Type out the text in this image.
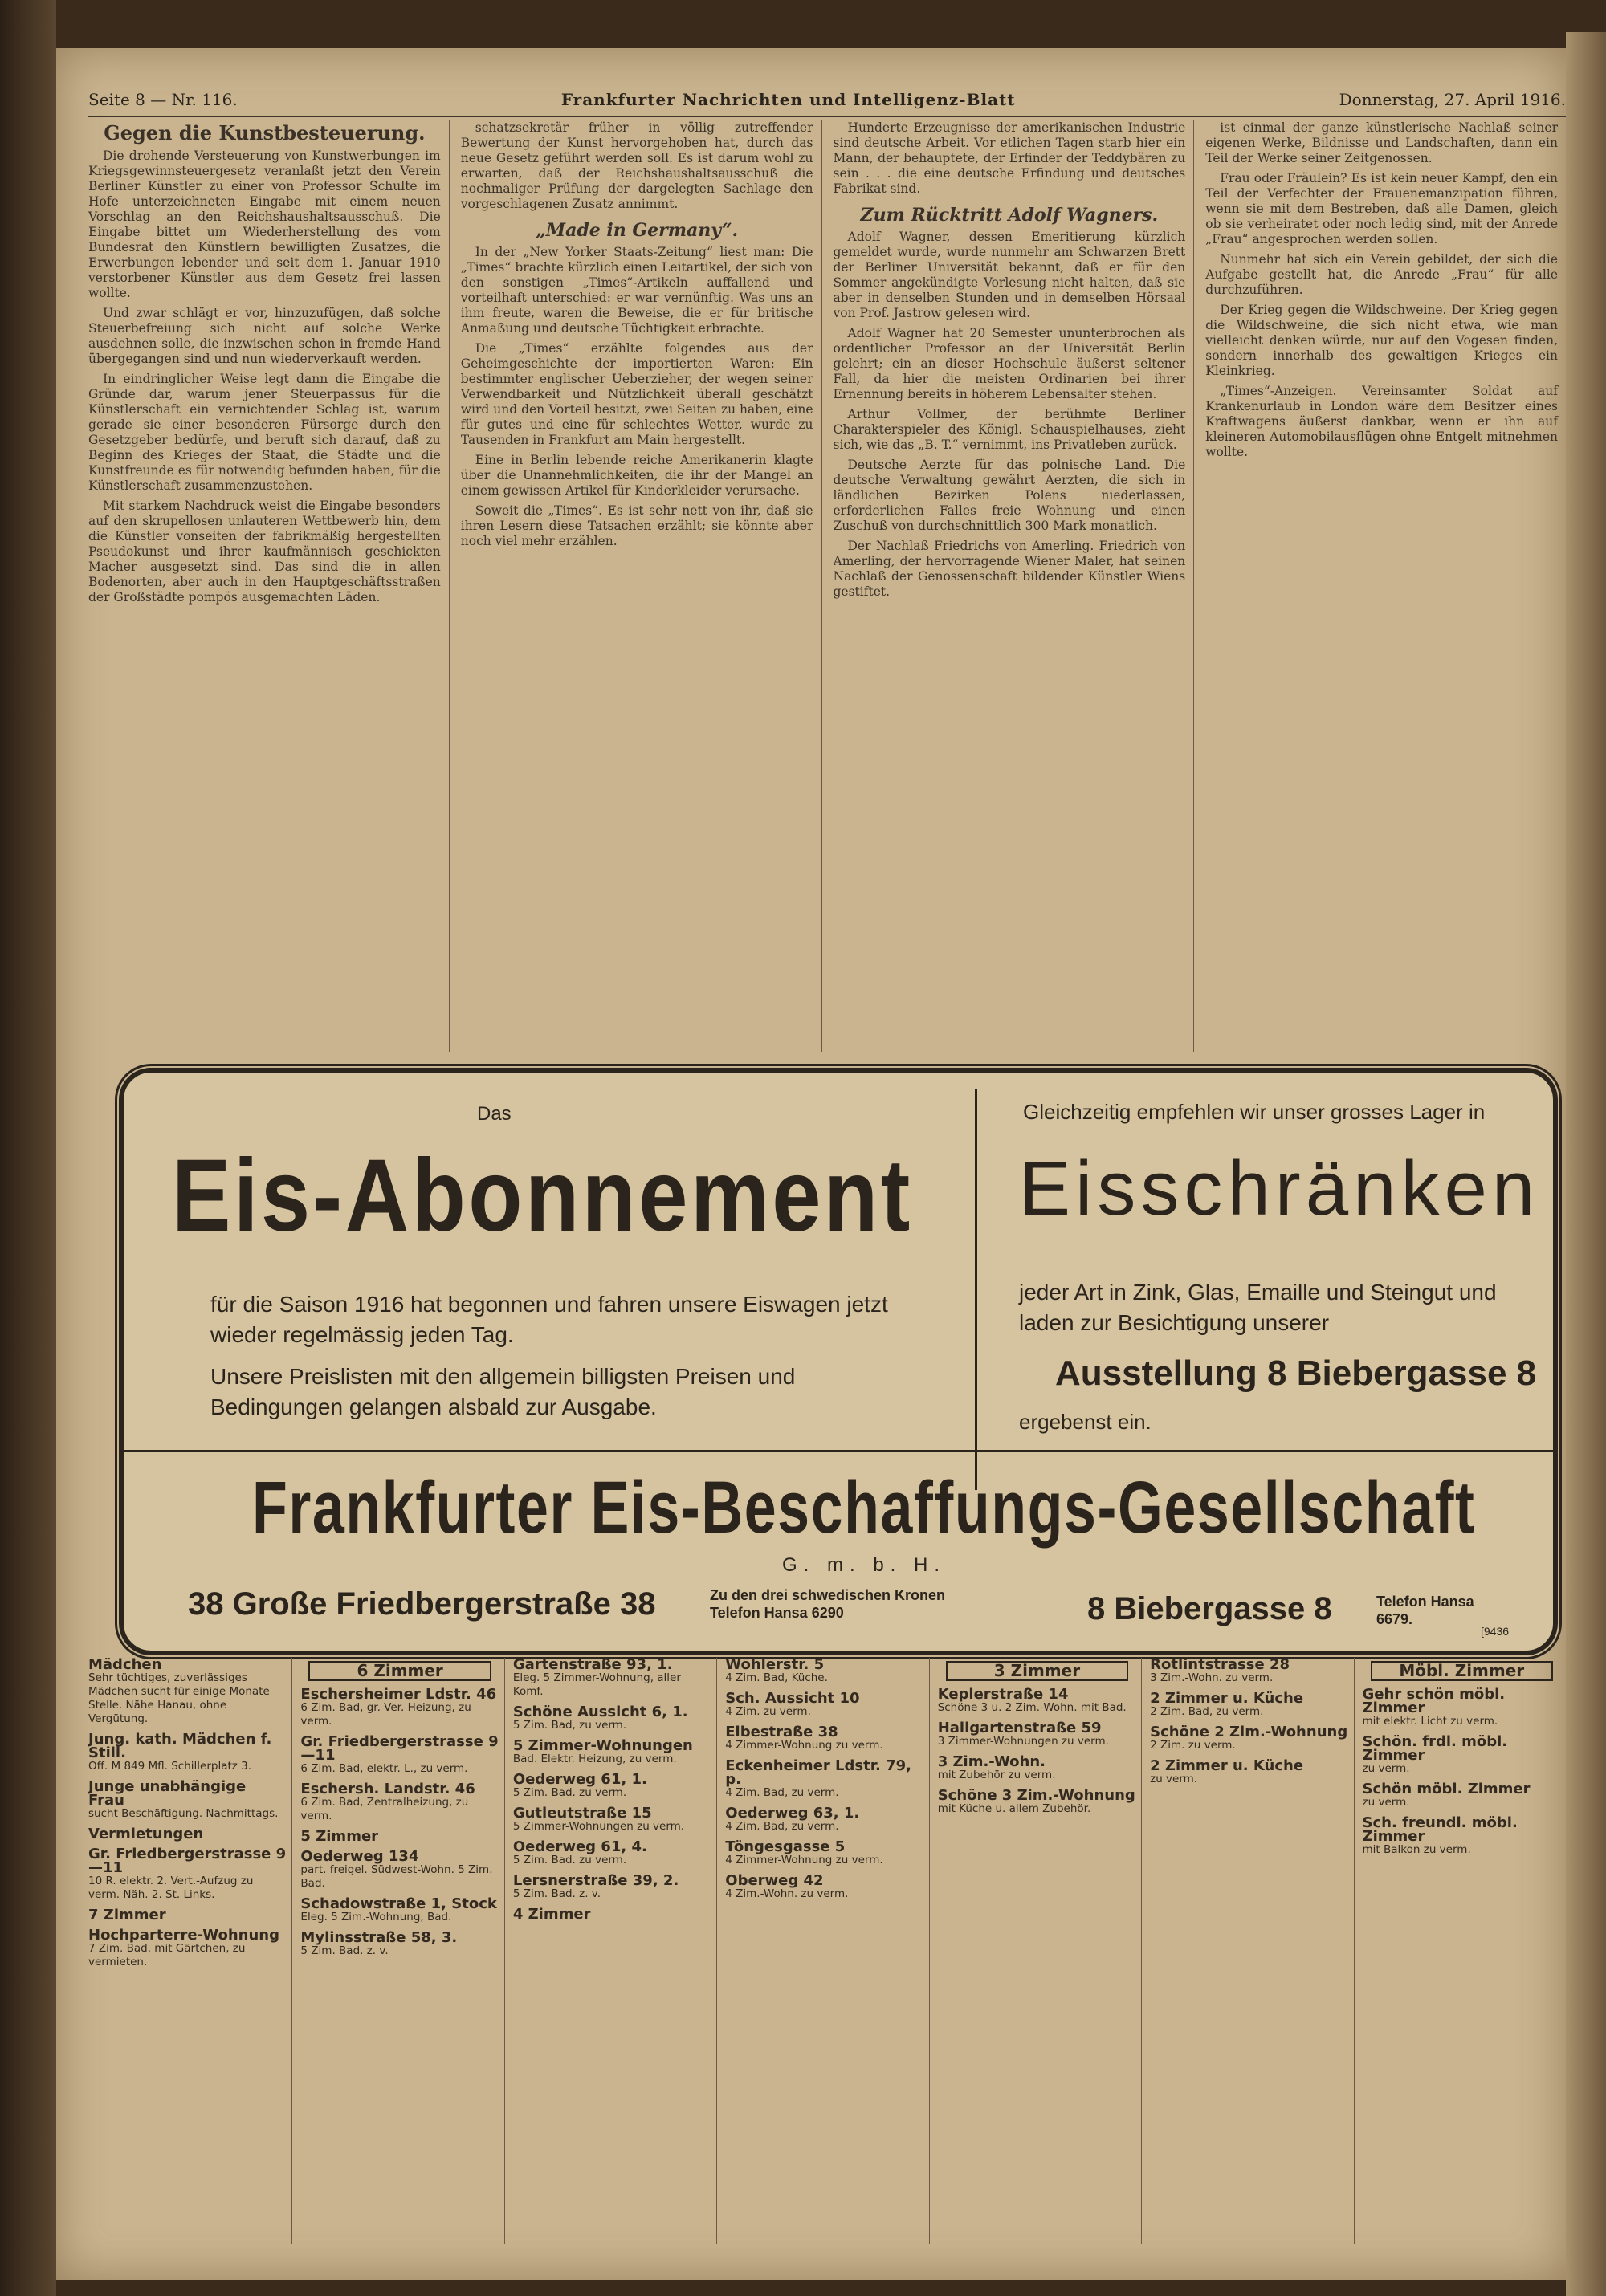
Seite 8 — Nr. 116.	Frankfurter Nachrichten und Intelligenz-Blatt	Donnerstag, 27. April 1916.
Gegen die Kunstbesteuerung.

Die drohende Versteuerung von Kunstwerbungen im Kriegsgewinnsteuergesetz veranlaßt jetzt den Verein Berliner Künstler zu einer von Professor Schulte im Hofe unterzeichneten Eingabe mit einem neuen Vorschlag an den Reichshaushaltsausschuß. Die Eingabe bittet um Wiederherstellung des vom Bundesrat den Künstlern bewilligten Zusatzes, die Erwerbungen lebender und seit dem 1. Januar 1910 verstorbener Künstler aus dem Gesetz frei lassen wollte.

Und zwar schlägt er vor, hinzuzufügen, daß solche Steuerbefreiung sich nicht auf solche Werke ausdehnen solle, die inzwischen schon in fremde Hand übergegangen sind und nun wiederverkauft werden.

In eindringlicher Weise legt dann die Eingabe die Gründe dar, warum jener Steuerpassus für die Künstlerschaft ein vernichtender Schlag ist, warum gerade sie einer besonderen Fürsorge durch den Gesetzgeber bedürfe, und beruft sich darauf, daß zu Beginn des Krieges der Staat, die Städte und die Kunstfreunde es für notwendig befunden haben, für die Künstlerschaft zusammenzustehen.

Mit starkem Nachdruck weist die Eingabe besonders auf den skrupellosen unlauteren Wettbewerb hin, dem die Künstler vonseiten der fabrikmäßig hergestellten Pseudokunst und ihrer kaufmännisch geschickten Macher ausgesetzt sind. Das sind die in allen Bodenorten, aber auch in den Hauptgeschäftsstraßen der Großstädte pompös ausgemachten Läden.

schatzsekretär früher in völlig zutreffender Bewertung der Kunst hervorgehoben hat, durch das neue Gesetz geführt werden soll. Es ist darum wohl zu erwarten, daß der Reichshaushaltsausschuß die nochmaliger Prüfung der dargelegten Sachlage den vorgeschlagenen Zusatz annimmt.

„Made in Germany“.

In der „New Yorker Staats-Zeitung“ liest man: Die „Times“ brachte kürzlich einen Leitartikel, der sich von den sonstigen „Times“-Artikeln auffallend und vorteilhaft unterschied: er war vernünftig. Was uns an ihm freute, waren die Beweise, die er für britische Anmaßung und deutsche Tüchtigkeit erbrachte.

Die „Times“ erzählte folgendes aus der Geheimgeschichte der importierten Waren: Ein bestimmter englischer Ueberzieher, der wegen seiner Verwendbarkeit und Nützlichkeit überall geschätzt wird und den Vorteil besitzt, zwei Seiten zu haben, eine für gutes und eine für schlechtes Wetter, wurde zu Tausenden in Frankfurt am Main hergestellt.

Eine in Berlin lebende reiche Amerikanerin klagte über die Unannehmlichkeiten, die ihr der Mangel an einem gewissen Artikel für Kinderkleider verursache.

Soweit die „Times“. Es ist sehr nett von ihr, daß sie ihren Lesern diese Tatsachen erzählt; sie könnte aber noch viel mehr erzählen.

Hunderte Erzeugnisse der amerikanischen Industrie sind deutsche Arbeit. Vor etlichen Tagen starb hier ein Mann, der behauptete, der Erfinder der Teddybären zu sein . . . die eine deutsche Erfindung und deutsches Fabrikat sind.

Zum Rücktritt Adolf Wagners.

Adolf Wagner, dessen Emeritierung kürzlich gemeldet wurde, wurde nunmehr am Schwarzen Brett der Berliner Universität bekannt, daß er für den Sommer angekündigte Vorlesung nicht halten, daß sie aber in denselben Stunden und in demselben Hörsaal von Prof. Jastrow gelesen wird.

Adolf Wagner hat 20 Semester ununterbrochen als ordentlicher Professor an der Universität Berlin gelehrt; ein an dieser Hochschule äußerst seltener Fall, da hier die meisten Ordinarien bei ihrer Ernennung bereits in höherem Lebensalter stehen.

Arthur Vollmer, der berühmte Berliner Charakterspieler des Königl. Schauspielhauses, zieht sich, wie das „B. T.“ vernimmt, ins Privatleben zurück.

Deutsche Aerzte für das polnische Land. Die deutsche Verwaltung gewährt Aerzten, die sich in ländlichen Bezirken Polens niederlassen, erforderlichen Falles freie Wohnung und einen Zuschuß von durchschnittlich 300 Mark monatlich.

Der Nachlaß Friedrichs von Amerling. Friedrich von Amerling, der hervorragende Wiener Maler, hat seinen Nachlaß der Genossenschaft bildender Künstler Wiens gestiftet.

ist einmal der ganze künstlerische Nachlaß seiner eigenen Werke, Bildnisse und Landschaften, dann ein Teil der Werke seiner Zeitgenossen.

Frau oder Fräulein? Es ist kein neuer Kampf, den ein Teil der Verfechter der Frauenemanzipation führen, wenn sie mit dem Bestreben, daß alle Damen, gleich ob sie verheiratet oder noch ledig sind, mit der Anrede „Frau“ angesprochen werden sollen.

Nunmehr hat sich ein Verein gebildet, der sich die Aufgabe gestellt hat, die Anrede „Frau“ für alle durchzuführen.

Der Krieg gegen die Wildschweine. Der Krieg gegen die Wildschweine, die sich nicht etwa, wie man vielleicht denken würde, nur auf den Vogesen finden, sondern innerhalb des gewaltigen Krieges ein Kleinkrieg.

„Times“-Anzeigen. Vereinsamter Soldat auf Krankenurlaub in London wäre dem Besitzer eines Kraftwagens äußerst dankbar, wenn er ihn auf kleineren Automobilausflügen ohne Entgelt mitnehmen wollte.

Das
Eis-Abonnement
für die Saison 1916 hat begonnen und fahren unsere Eiswagen jetzt wieder regelmässig jeden Tag.
Unsere Preislisten mit den allgemein billigsten Preisen und Bedingungen gelangen alsbald zur Ausgabe.
Gleichzeitig empfehlen wir unser grosses Lager in
Eisschränken
jeder Art in Zink, Glas, Emaille und Steingut und laden zur Besichtigung unserer
Ausstellung 8 Biebergasse 8
ergebenst ein.
Frankfurter Eis-Beschaffungs-Gesellschaft
G. m. b. H.
38 Große Friedbergerstraße 38	Zu den drei schwedischen Kronen Telefon Hansa 6290	8 Biebergasse 8	Telefon Hansa 6679.
[9436
Mädchen
Sehr tüchtiges, zuverlässiges Mädchen sucht für einige Monate Stelle. Nähe Hanau, ohne Vergütung.
Jung. kath. Mädchen f. Still.
Off. M 849 Mfl. Schillerplatz 3.
Junge unabhängige Frau
sucht Beschäftigung. Nachmittags.
Vermietungen
Gr. Friedbergerstrasse 9—11
10 R. elektr. 2. Vert.-Aufzug zu verm. Näh. 2. St. Links.
7 Zimmer
Hochparterre-Wohnung
7 Zim. Bad. mit Gärtchen, zu vermieten.
6 Zimmer
Eschersheimer Ldstr. 46
6 Zim. Bad, gr. Ver. Heizung, zu verm.
Gr. Friedbergerstrasse 9—11
6 Zim. Bad, elektr. L., zu verm.
Eschersh. Landstr. 46
6 Zim. Bad, Zentralheizung, zu verm.
5 Zimmer
Oederweg 134
part. freigel. Südwest-Wohn. 5 Zim. Bad.
Schadowstraße 1, Stock
Eleg. 5 Zim.-Wohnung, Bad.
Mylinsstraße 58, 3.
5 Zim. Bad. z. v.
Gartenstraße 93, 1.
Eleg. 5 Zimmer-Wohnung, aller Komf.
Schöne Aussicht 6, 1.
5 Zim. Bad, zu verm.
5 Zimmer-Wohnungen
Bad. Elektr. Heizung, zu verm.
Oederweg 61, 1.
5 Zim. Bad. zu verm.
Gutleutstraße 15
5 Zimmer-Wohnungen zu verm.
Oederweg 61, 4.
5 Zim. Bad. zu verm.
Lersnerstraße 39, 2.
5 Zim. Bad. z. v.
4 Zimmer
Wöhlerstr. 5
4 Zim. Bad, Küche.
Sch. Aussicht 10
4 Zim. zu verm.
Elbestraße 38
4 Zimmer-Wohnung zu verm.
Eckenheimer Ldstr. 79, p.
4 Zim. Bad, zu verm.
Oederweg 63, 1.
4 Zim. Bad, zu verm.
Töngesgasse 5
4 Zimmer-Wohnung zu verm.
Oberweg 42
4 Zim.-Wohn. zu verm.
3 Zimmer
Keplerstraße 14
Schöne 3 u. 2 Zim.-Wohn. mit Bad.
Hallgartenstraße 59
3 Zimmer-Wohnungen zu verm.
3 Zim.-Wohn.
mit Zubehör zu verm.
Schöne 3 Zim.-Wohnung
mit Küche u. allem Zubehör.
Rotlintstrasse 28
3 Zim.-Wohn. zu verm.
2 Zimmer u. Küche
2 Zim. Bad, zu verm.
Schöne 2 Zim.-Wohnung
2 Zim. zu verm.
2 Zimmer u. Küche
zu verm.
Möbl. Zimmer
Gehr schön möbl. Zimmer
mit elektr. Licht zu verm.
Schön. frdl. möbl. Zimmer
zu verm.
Schön möbl. Zimmer
zu verm.
Sch. freundl. möbl. Zimmer
mit Balkon zu verm.
